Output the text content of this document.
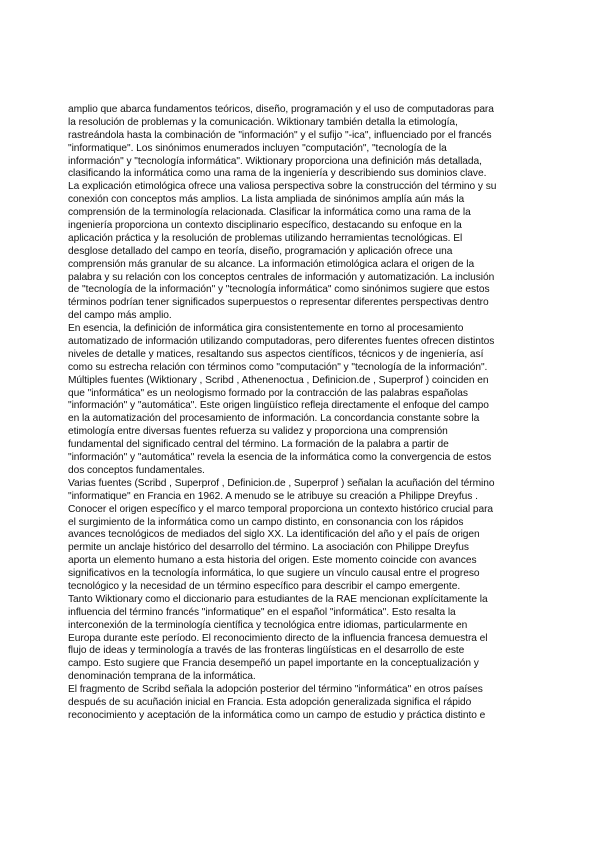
amplio que abarca fundamentos teóricos, diseño, programación y el uso de computadoras para
la resolución de problemas y la comunicación. Wiktionary también detalla la etimología,
rastreándola hasta la combinación de "información" y el sufijo "-ica", influenciado por el francés
"informatique". Los sinónimos enumerados incluyen "computación", "tecnología de la
información" y "tecnología informática". Wiktionary proporciona una definición más detallada,
clasificando la informática como una rama de la ingeniería y describiendo sus dominios clave.
La explicación etimológica ofrece una valiosa perspectiva sobre la construcción del término y su
conexión con conceptos más amplios. La lista ampliada de sinónimos amplía aún más la
comprensión de la terminología relacionada. Clasificar la informática como una rama de la
ingeniería proporciona un contexto disciplinario específico, destacando su enfoque en la
aplicación práctica y la resolución de problemas utilizando herramientas tecnológicas. El
desglose detallado del campo en teoría, diseño, programación y aplicación ofrece una
comprensión más granular de su alcance. La información etimológica aclara el origen de la
palabra y su relación con los conceptos centrales de información y automatización. La inclusión
de "tecnología de la información" y "tecnología informática" como sinónimos sugiere que estos
términos podrían tener significados superpuestos o representar diferentes perspectivas dentro
del campo más amplio.
En esencia, la definición de informática gira consistentemente en torno al procesamiento
automatizado de información utilizando computadoras, pero diferentes fuentes ofrecen distintos
niveles de detalle y matices, resaltando sus aspectos científicos, técnicos y de ingeniería, así
como su estrecha relación con términos como "computación" y "tecnología de la información".
Múltiples fuentes (Wiktionary , Scribd , Athenenoctua , Definicion.de , Superprof ) coinciden en
que "informática" es un neologismo formado por la contracción de las palabras españolas
"información" y "automática". Este origen lingüístico refleja directamente el enfoque del campo
en la automatización del procesamiento de información. La concordancia constante sobre la
etimología entre diversas fuentes refuerza su validez y proporciona una comprensión
fundamental del significado central del término. La formación de la palabra a partir de
"información" y "automática" revela la esencia de la informática como la convergencia de estos
dos conceptos fundamentales.
Varias fuentes (Scribd , Superprof , Definicion.de , Superprof ) señalan la acuñación del término
"informatique" en Francia en 1962. A menudo se le atribuye su creación a Philippe Dreyfus .
Conocer el origen específico y el marco temporal proporciona un contexto histórico crucial para
el surgimiento de la informática como un campo distinto, en consonancia con los rápidos
avances tecnológicos de mediados del siglo XX. La identificación del año y el país de origen
permite un anclaje histórico del desarrollo del término. La asociación con Philippe Dreyfus
aporta un elemento humano a esta historia del origen. Este momento coincide con avances
significativos en la tecnología informática, lo que sugiere un vínculo causal entre el progreso
tecnológico y la necesidad de un término específico para describir el campo emergente.
Tanto Wiktionary como el diccionario para estudiantes de la RAE mencionan explícitamente la
influencia del término francés "informatique" en el español "informática". Esto resalta la
interconexión de la terminología científica y tecnológica entre idiomas, particularmente en
Europa durante este período. El reconocimiento directo de la influencia francesa demuestra el
flujo de ideas y terminología a través de las fronteras lingüísticas en el desarrollo de este
campo. Esto sugiere que Francia desempeñó un papel importante en la conceptualización y
denominación temprana de la informática.
El fragmento de Scribd señala la adopción posterior del término "informática" en otros países
después de su acuñación inicial en Francia. Esta adopción generalizada significa el rápido
reconocimiento y aceptación de la informática como un campo de estudio y práctica distinto e
